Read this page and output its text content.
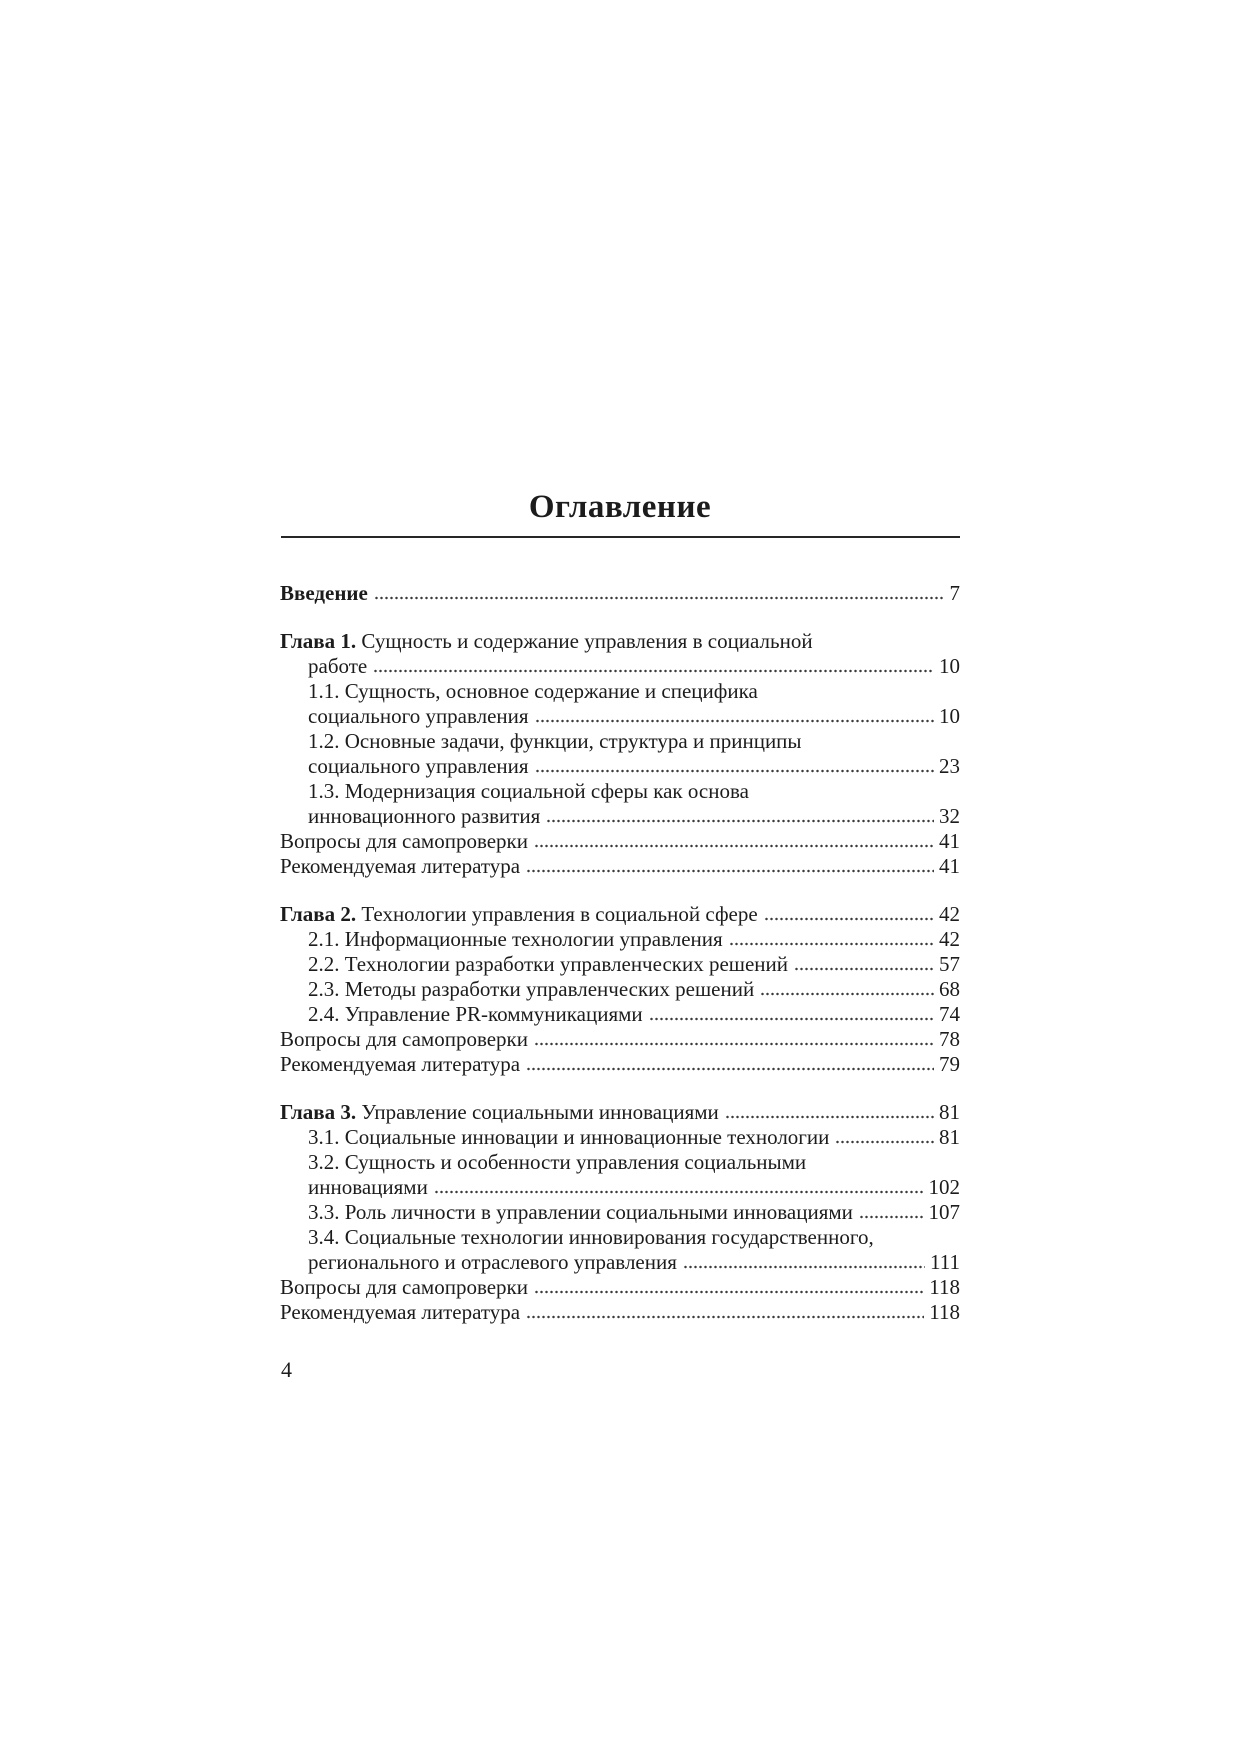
Оглавление
Введение	7
Глава 1. Сущность и содержание управления в социальной
работе	10
1.1. Сущность, основное содержание и специфика
социального управления	10
1.2. Основные задачи, функции, структура и принципы
социального управления	23
1.3. Модернизация социальной сферы как основа
инновационного развития	32
Вопросы для самопроверки	41
Рекомендуемая литература	41
Глава 2. Технологии управления в социальной сфере	42
2.1. Информационные технологии управления	42
2.2. Технологии разработки управленческих решений	57
2.3. Методы разработки управленческих решений	68
2.4. Управление PR-коммуникациями	74
Вопросы для самопроверки	78
Рекомендуемая литература	79
Глава 3. Управление социальными инновациями	81
3.1. Социальные инновации и инновационные технологии	81
3.2. Сущность и особенности управления социальными
инновациями	102
3.3. Роль личности в управлении социальными инновациями	107
3.4. Социальные технологии инновирования государственного,
регионального и отраслевого управления	111
Вопросы для самопроверки	118
Рекомендуемая литература	118
4
